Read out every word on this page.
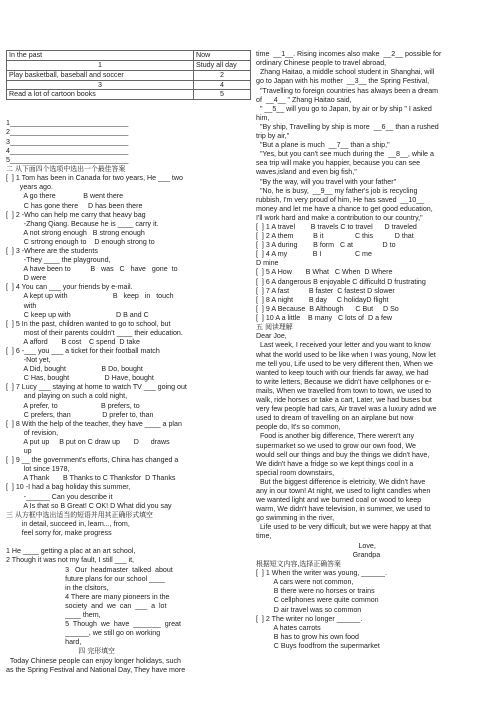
In the past	Now
1	Study all day
Play basketball, baseball and soccer	2
3	4
Read a lot of cartoon books	5

1______________________________
2______________________________
3______________________________
4______________________________
5______________________________
二 从下面四个选项中选出一个最佳答案
[  ] 1 Tom has been in Canada for two years, He ___ two
years ago.
A go there              B went there
C has gone there     D has been there
[  ] 2 -Who can help me carry that heavy bag
-Zhang Qiang. Because he is ____ carry it.
A not strong enough   B strong enough
C srtrong enough to    D enough strong to
[  ] 3 -Where are the students
-They ____ the playground,
A have been to          B   was   C   have   gone  to
D were
[  ] 4 You can ___ your friends by e-mail.
A kept up with                       B   keep   in   touch
with
C keep up with                       D B and C
[  ] 5 In the past, children wanted to go to school, but
most of their parents couldn't ____ their education.
A afford       B cost    C spend  D take
[  ] 6 -___ you ___ a ticket for their football match
-Not yet,
A Did, bought                  B Do, bought
C Has, bought                  D Have, bought
[  ] 7 Lucy ___ staying at home to watch TV ___ going out
and playing on such a cold night,
A prefer, to                      B prefers, to
C prefers, than                D prefer to, than
[  ] 8 With the help of the teacher, they have ____ a plan
of revision,
A put up     B put on C draw up       D      draws
up
[  ] 9 __ the government's efforts, China has changed a
lot since 1978,
A Thank       B Thanks to C Thanksfor  D Thanks
[  ] 10 -I had a bag holiday this summer,
-______ Can you describe it
A Is that so B Great! C OK! D What did you say
三 从方框中选出适当的短语并用其正确形式填空
in detail, succeed in, learn..., from,
feel sorry for, make progress
1 He ____ getting a plac at an art school,
2 Though it was not my fault, I still ___ it,
3   Our  headmaster  talked  about
future plans for our school ____
in the clsitors,
4 There are many pioneers in the
society  and  we  can  ___  a  lot
____ them,
5  Though  we  have  _______  great
______, we still go on working
hard,
四 完形填空
Today Chinese people can enjoy longer holidays, such
as the Spring Festival and National Day, They have more

time  __1__. Rising incomes also make  __2__ possible for
ordinary Chinese people to travel abroad,
Zhang Haitao, a middle school student in Shanghai, will
go to Japan with his mother  __3__ the Spring Festival,
"Travelling to foreign countries has always been a dream
of  __4__ " Zhang Haitao said,
" __5__ will you go to Japan, by air or by ship " I asked
him,
"By ship, Travelling by ship is more  __6__ than a rushed
trip by air,"
"But a plane is much  __7__ than a ship,"
"Yes, but you can't see much during the  __8__, while a
sea trip will make you happier, because you can see
waves,island and even big fish,"
"By the way, will you travel with your father"
"No, he is busy,  __9__ my father's job is recycling
rubbish, I'm very proud of him, He has saved  __10__
money and let me have a chance to get good education,
I'll work hard and make a contribution to our country,"
[  ] 1 A travel        B travels C to travel      D traveled
[  ] 2 A them          B it                C this           D that
[  ] 3 A during        B form   C at               D to
[  ] 4 A my             B I                 C me
D mine
[  ] 5 A How       B What   C When  D Where
[  ] 6 A dangerous B enjoyable C difficultd D frustrating
[  ] 7 A fast          B faster  C fastest D slower
[  ] 8 A night        B day     C holidayD flight
[  ] 9 A Because  B Although      C But     D So
[  ] 10 A a little    B many   C lots of  D a few
五 阅读理解
Dear Joe,
Last week, I received your letter and you want to know
what the world used to be like when I was young, Now let
me tell you, Life used to be very different then, When we
wanted to keep touch with our friends far away, we had
to write letters, Because we didn't have cellphones or e-
mails, When we travelled from town to town, we used to
walk, ride horses or take a cart, Later, we had buses but
very few people had cars, Air travel was a luxury adnd we
used to dream of travelling on an airplane but now
people do, It's so common,
Food is another big difference, There weren't any
supermarket so we used to grow our own food, We
would sell our things and buy the things we didn't have,
We didn't have a fridge so we kept things cool in a
special room downstairs,
But the biggest difference is eletricity, We didn't have
any in our town! At night, we used to light candles when
we wanted light and we burned coal or wood to keep
warm, We didn't have television, in summer, we used to
go swimming in the river,
Life used to be very difficult, but we were happy at that
time,
Love,
Grandpa
根据短文内容,选择正确答案
[  ] 1 When the writer was young, ______.
A cars were not common,
B there were no horses or trains
C cellphones were quite common
D air travel was so common
[  ] 2 The writer no longer ______.
A hates carrots
B has to grow his own food
C Buys foodfrom the supermarket
